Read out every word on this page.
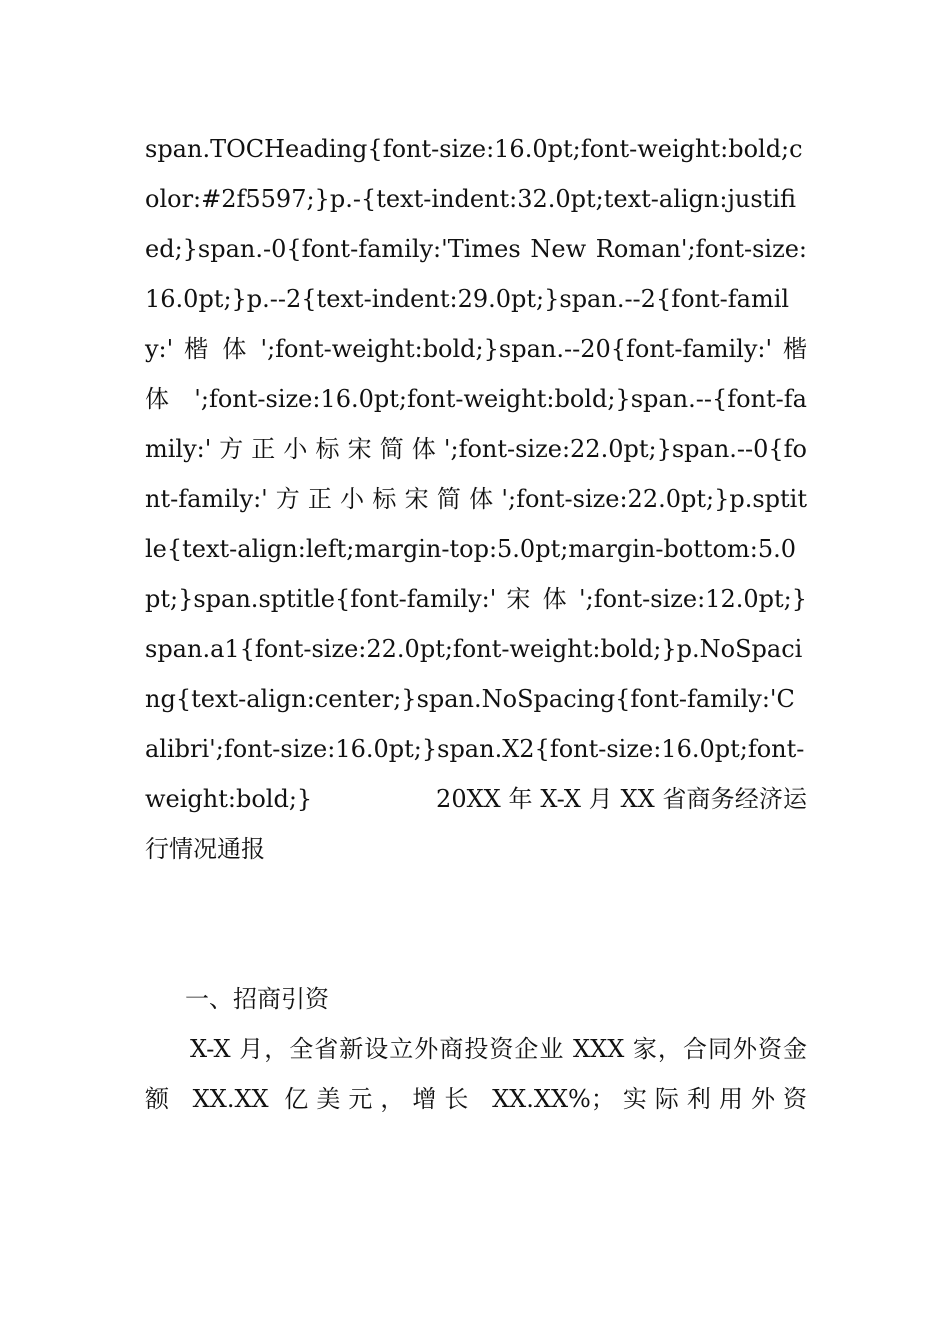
span.TOCHeading{font-size:16.0pt;font-weight:bold;color:#2f5597;}p.-{text-indent:32.0pt;text-align:justified;}span.-0{font-family:'Times New Roman';font-size:16.0pt;}p.--2{text-indent:29.0pt;}span.--2{font-family:' 楷 体 ';font-weight:bold;}span.--20{font-family:' 楷 体 ';font-size:16.0pt;font-weight:bold;}span.--{font-family:' 方 正 小 标 宋 简 体 ';font-size:22.0pt;}span.--0{font-family:' 方 正 小 标 宋 简 体 ';font-size:22.0pt;}p.sptitle{text-align:left;margin-top:5.0pt;margin-bottom:5.0pt;}span.sptitle{font-family:' 宋 体 ';font-size:12.0pt;}span.a1{font-size:22.0pt;font-weight:bold;}p.NoSpacing{text-align:center;}span.NoSpacing{font-family:'Calibri';font-size:16.0pt;}span.X2{font-size:16.0pt;font-weight:bold;}	20XX 年 X-X 月 XX 省商务经济运行情况通报

一、招商引资

X-X 月，全省新设立外商投资企业 XXX 家，合同外资金额 XX.XX 亿美元，增长 XX.XX%；实际利用外资
